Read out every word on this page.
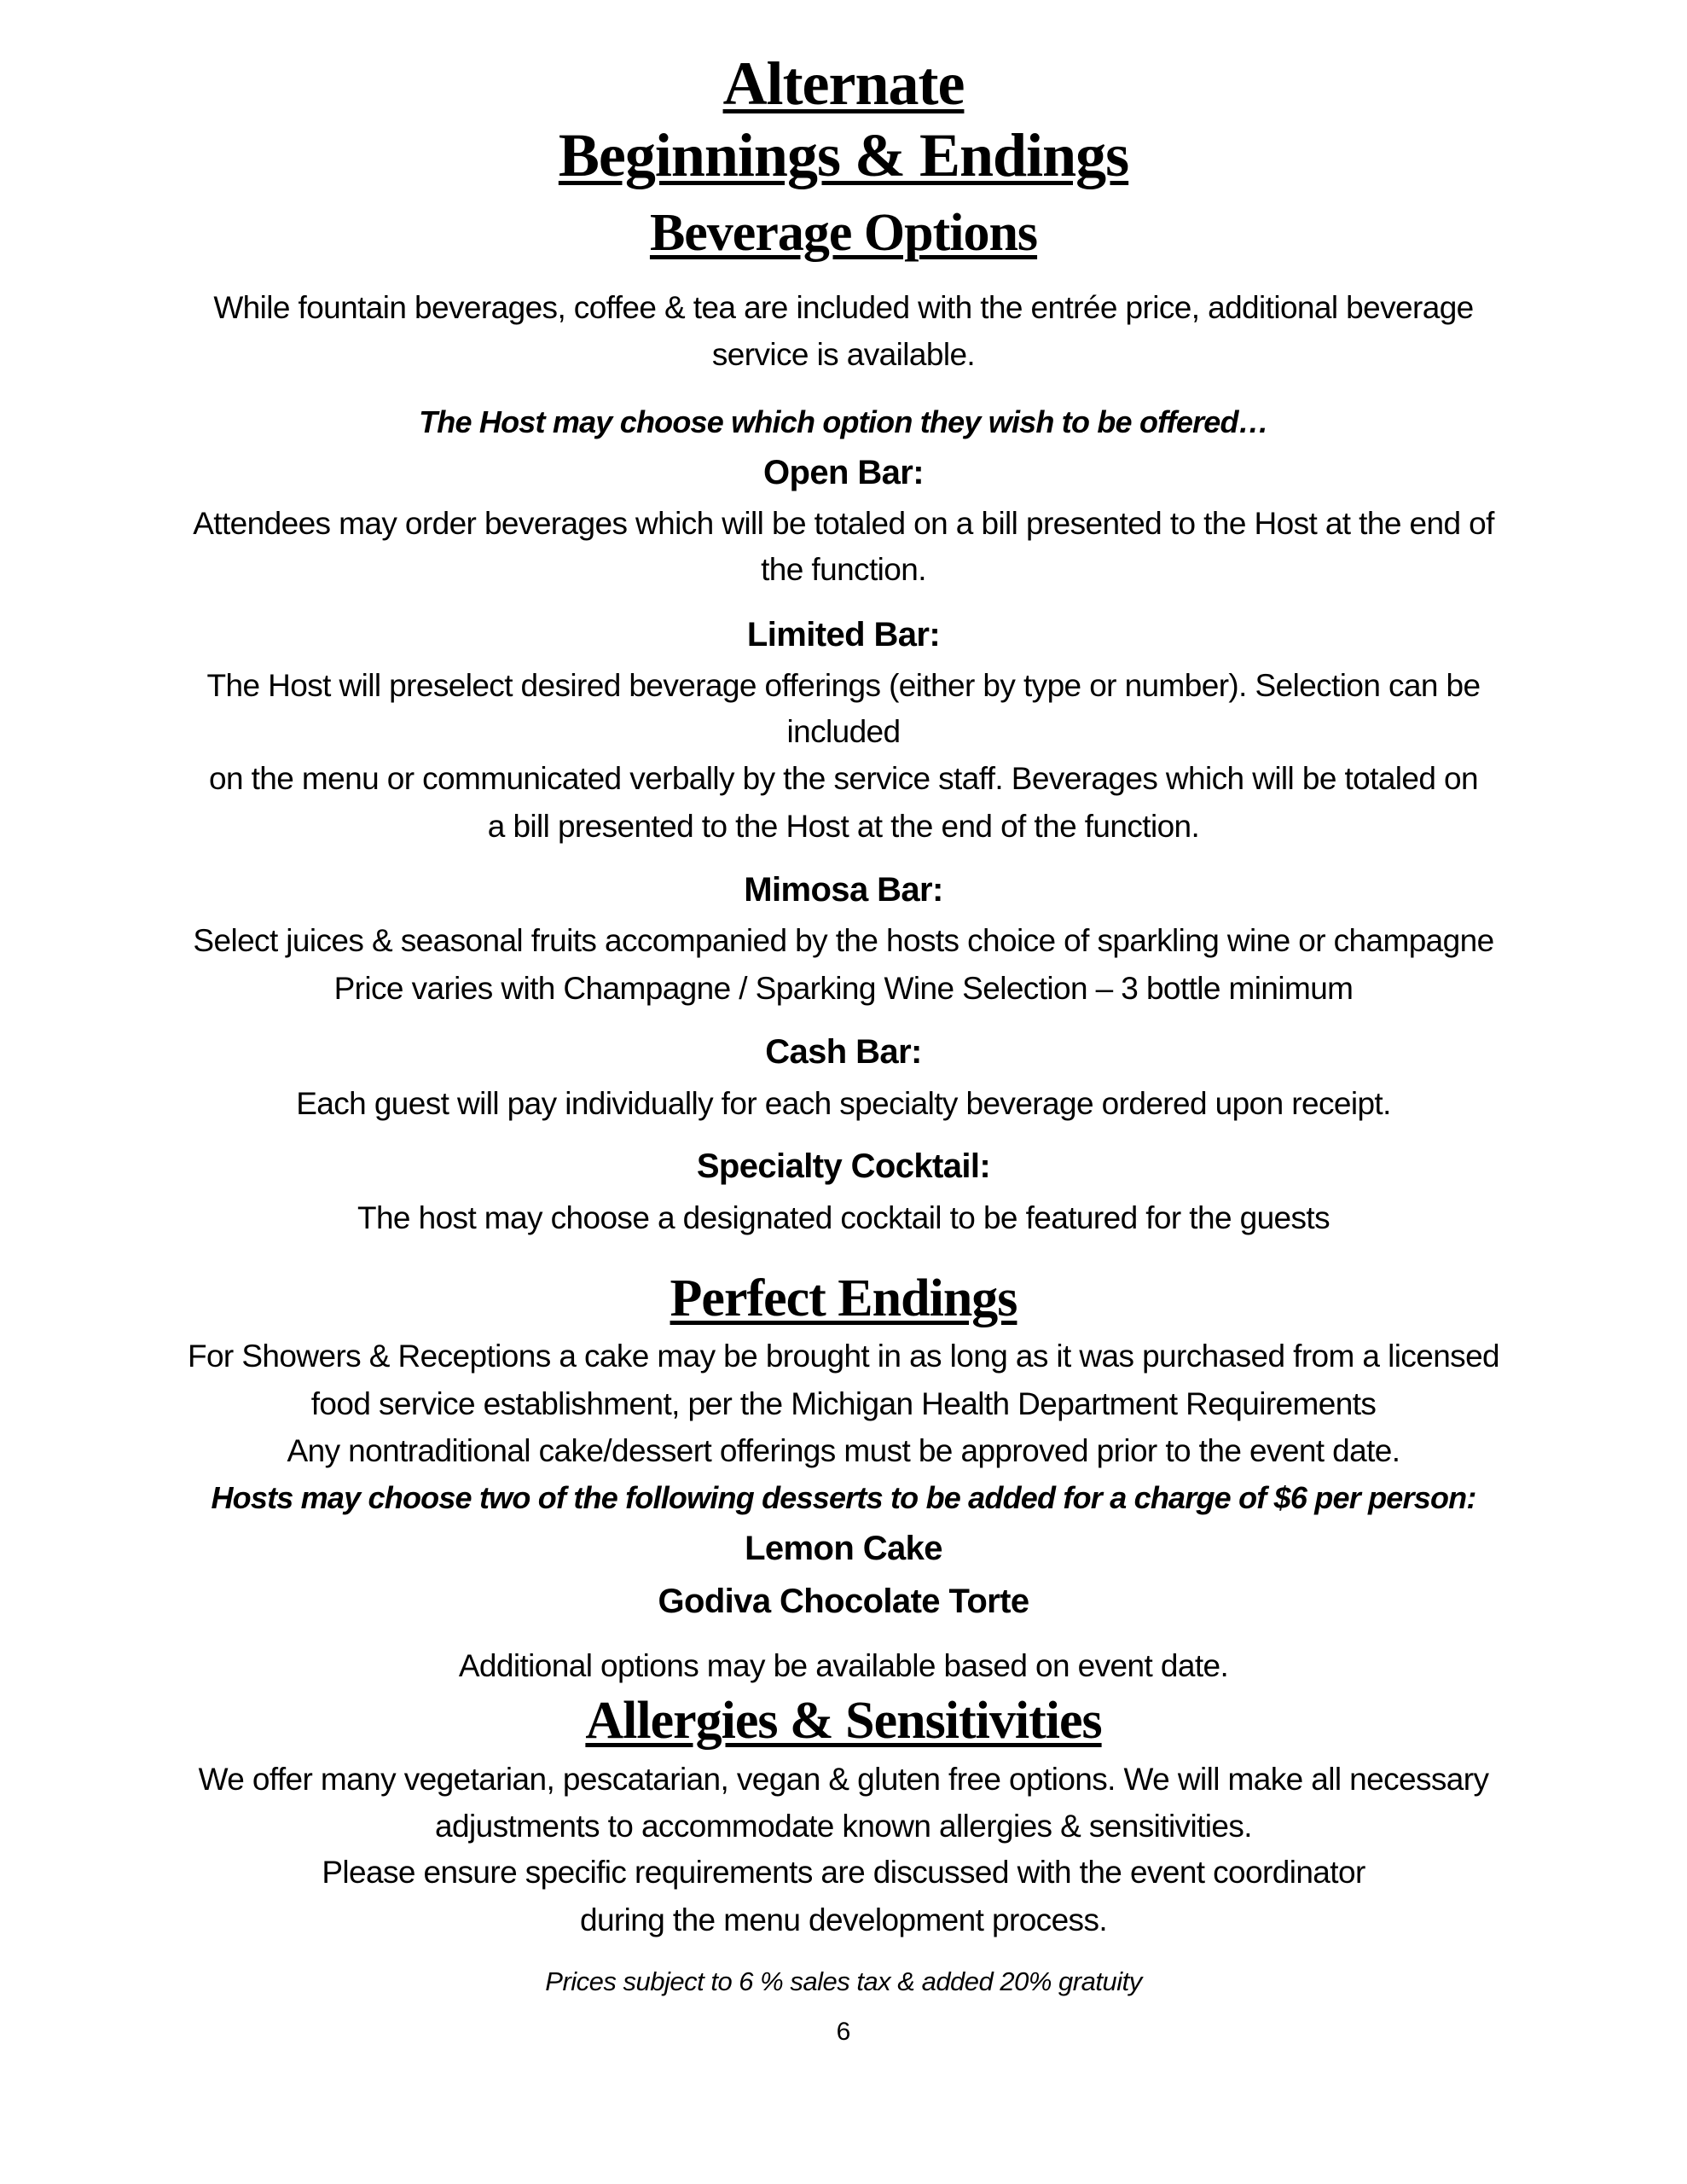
Alternate
Beginnings & Endings
Beverage Options
While fountain beverages, coffee & tea are included with the entrée price, additional beverage
service is available.
The Host may choose which option they wish to be offered…
Open Bar:
Attendees may order beverages which will be totaled on a bill presented to the Host at the end of
the function.
Limited Bar:
The Host will preselect desired beverage offerings (either by type or number). Selection can be
included
on the menu or communicated verbally by the service staff. Beverages which will be totaled on
a bill presented to the Host at the end of the function.
Mimosa Bar:
Select juices & seasonal fruits accompanied by the hosts choice of sparkling wine or champagne
Price varies with Champagne / Sparking Wine Selection – 3 bottle minimum
Cash Bar:
Each guest will pay individually for each specialty beverage ordered upon receipt.
Specialty Cocktail:
The host may choose a designated cocktail to be featured for the guests
Perfect Endings
For Showers & Receptions a cake may be brought in as long as it was purchased from a licensed
food service establishment, per the Michigan Health Department Requirements
Any nontraditional cake/dessert offerings must be approved prior to the event date.
Hosts may choose two of the following desserts to be added for a charge of $6 per person:
Lemon Cake
Godiva Chocolate Torte
Additional options may be available based on event date.
Allergies & Sensitivities
We offer many vegetarian, pescatarian, vegan & gluten free options. We will make all necessary
adjustments to accommodate known allergies & sensitivities.
Please ensure specific requirements are discussed with the event coordinator
during the menu development process.
Prices subject to 6 % sales tax & added 20% gratuity
6
